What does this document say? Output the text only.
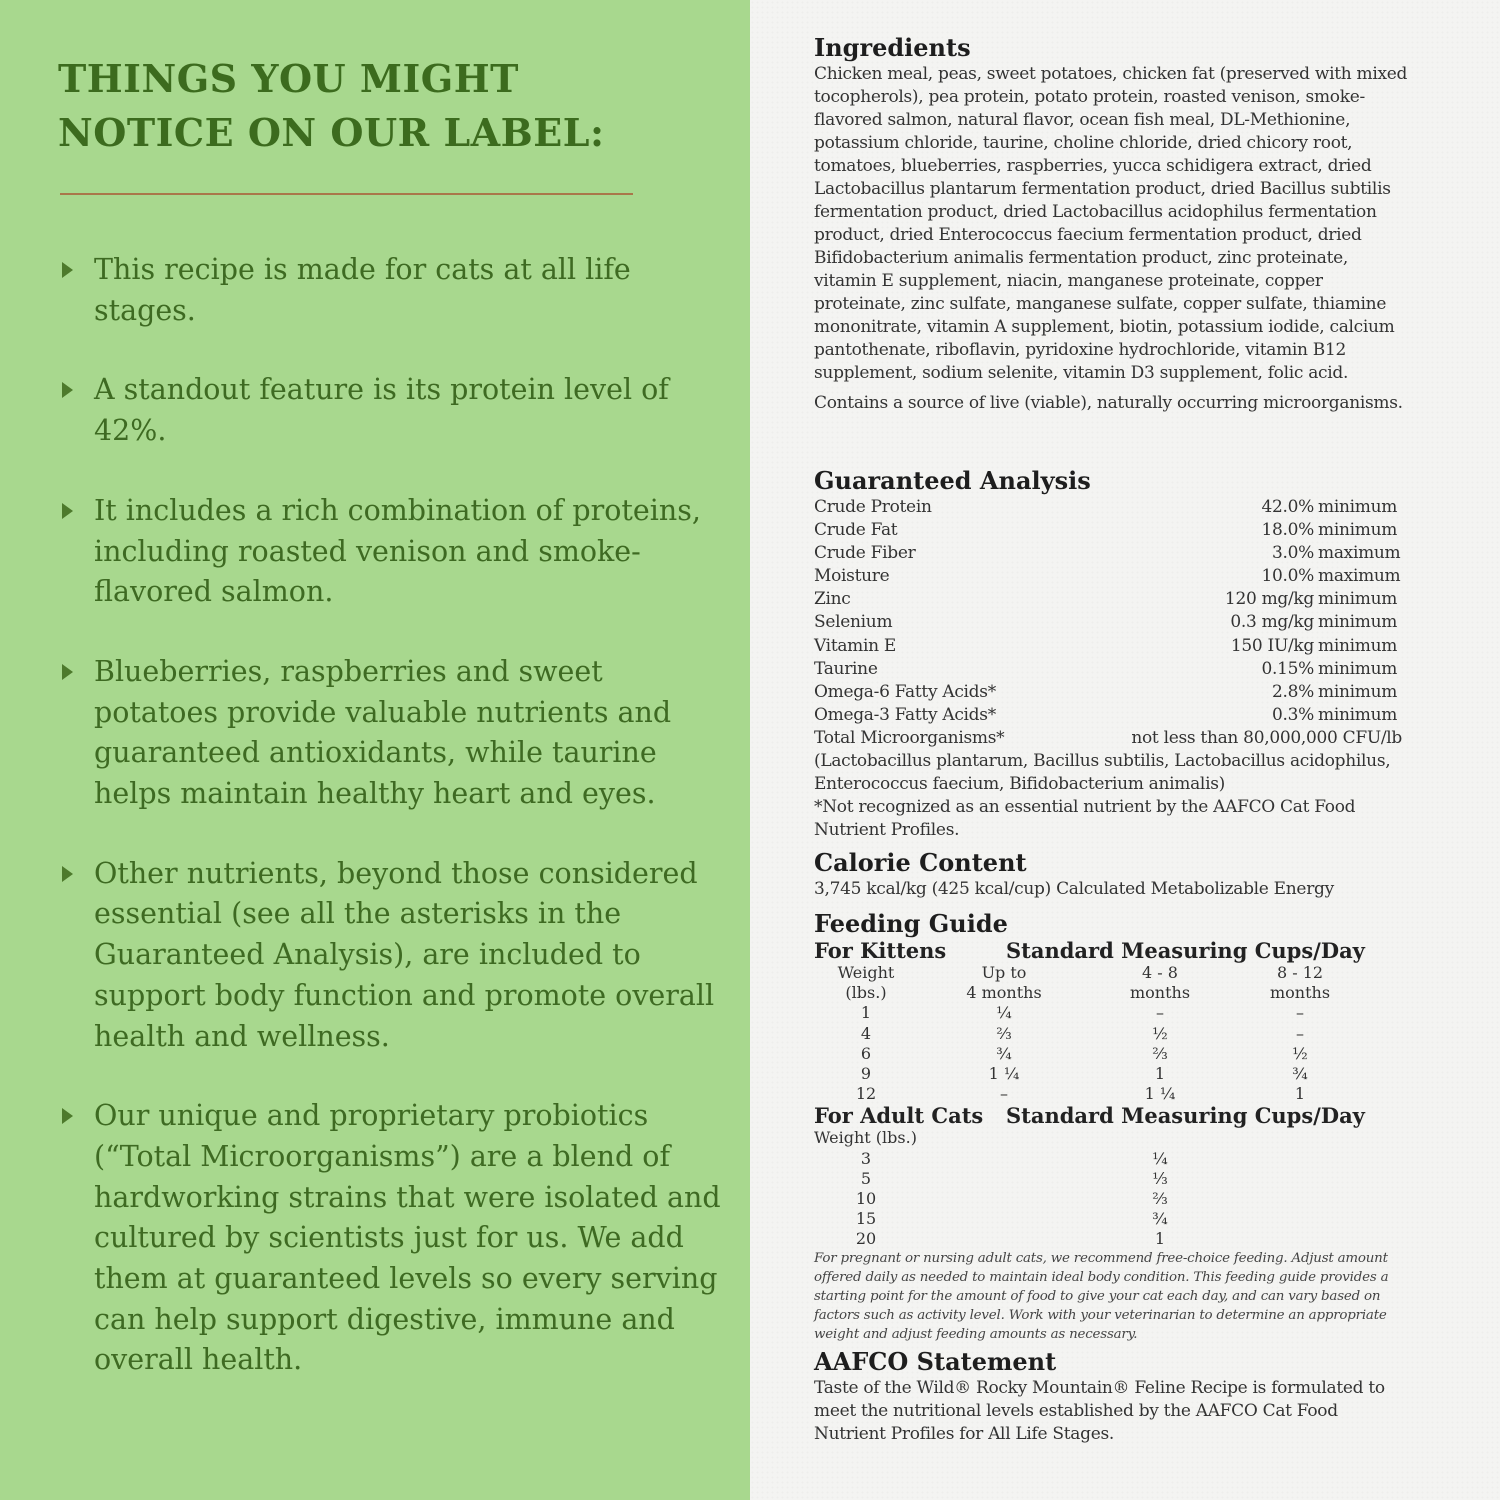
THINGS YOU MIGHT
NOTICE ON OUR LABEL:
This recipe is made for cats at all life stages.
A standout feature is its protein level of 42%.
It includes a rich combination of proteins, including roasted venison and smoke-flavored salmon.
Blueberries, raspberries and sweet potatoes provide valuable nutrients and guaranteed antioxidants, while taurine helps maintain healthy heart and eyes.
Other nutrients, beyond those considered essential (see all the asterisks in the Guaranteed Analysis), are included to support body function and promote overall health and wellness.
Our unique and proprietary probiotics (“Total Microorganisms”) are a blend of hardworking strains that were isolated and cultured by scientists just for us. We add them at guaranteed levels so every serving can help support digestive, immune and overall health.
Ingredients

Chicken meal, peas, sweet potatoes, chicken fat (preserved with mixed tocopherols), pea protein, potato protein, roasted venison, smoke-flavored salmon, natural flavor, ocean fish meal, DL-Methionine, potassium chloride, taurine, choline chloride, dried chicory root, tomatoes, blueberries, raspberries, yucca schidigera extract, dried Lactobacillus plantarum fermentation product, dried Bacillus subtilis fermentation product, dried Lactobacillus acidophilus fermentation product, dried Enterococcus faecium fermentation product, dried Bifidobacterium animalis fermentation product, zinc proteinate, vitamin E supplement, niacin, manganese proteinate, copper proteinate, zinc sulfate, manganese sulfate, copper sulfate, thiamine mononitrate, vitamin A supplement, biotin, potassium iodide, calcium pantothenate, riboflavin, pyridoxine hydrochloride, vitamin B12 supplement, sodium selenite, vitamin D3 supplement, folic acid.

Contains a source of live (viable), naturally occurring microorganisms.

Guaranteed Analysis
Crude Protein	42.0% minimum
Crude Fat	18.0% minimum
Crude Fiber	3.0% maximum
Moisture	10.0% maximum
Zinc	120 mg/kg minimum
Selenium	0.3 mg/kg minimum
Vitamin E	150 IU/kg minimum
Taurine	0.15% minimum
Omega-6 Fatty Acids*	2.8% minimum
Omega-3 Fatty Acids*	0.3% minimum
Total Microorganisms*	not less than 80,000,000 CFU/lb

(Lactobacillus plantarum, Bacillus subtilis, Lactobacillus acidophilus, Enterococcus faecium, Bifidobacterium animalis)

*Not recognized as an essential nutrient by the AAFCO Cat Food Nutrient Profiles.

Calorie Content

3,745 kcal/kg (425 kcal/cup) Calculated Metabolizable Energy

Feeding Guide
For Kittens	Standard Measuring Cups/Day
Weight	Up to	4 - 8	8 - 12
(lbs.)	4 months	months	months
1	¼	–	–
4	⅔	½	–
6	¾	⅔	½
9	1 ¼	1	¾
12	–	1 ¼	1
For Adult Cats Standard Measuring Cups/Day
Weight (lbs.)
3	¼
5	⅓
10	⅔
15	¾
20	1

For pregnant or nursing adult cats, we recommend free-choice feeding. Adjust amount offered daily as needed to maintain ideal body condition. This feeding guide provides a starting point for the amount of food to give your cat each day, and can vary based on factors such as activity level. Work with your veterinarian to determine an appropriate weight and adjust feeding amounts as necessary.

AAFCO Statement

Taste of the Wild® Rocky Mountain® Feline Recipe is formulated to meet the nutritional levels established by the AAFCO Cat Food Nutrient Profiles for All Life Stages.
